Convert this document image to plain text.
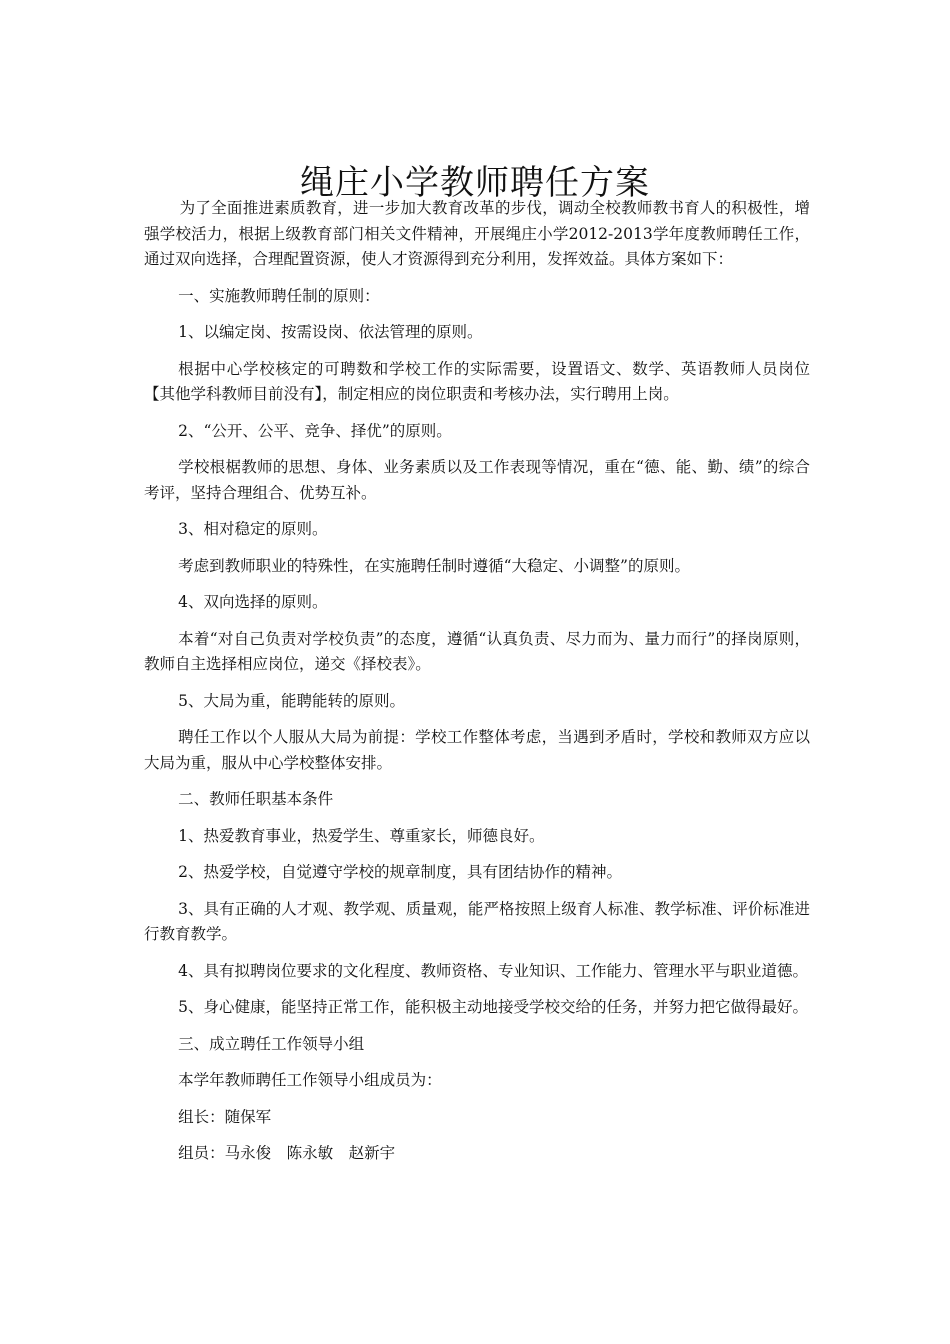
绳庄小学教师聘任方案

为了全面推进素质教育，进一步加大教育改革的步伐，调动全校教师教书育人的积极性，增强学校活力，根据上级教育部门相关文件精神，开展绳庄小学2012-2013学年度教师聘任工作，通过双向选择，合理配置资源，使人才资源得到充分利用，发挥效益。具体方案如下：

一、实施教师聘任制的原则：

1、以编定岗、按需设岗、依法管理的原则。

根据中心学校核定的可聘数和学校工作的实际需要，设置语文、数学、英语教师人员岗位【其他学科教师目前没有】，制定相应的岗位职责和考核办法，实行聘用上岗。

2、“公开、公平、竞争、择优”的原则。

学校根椐教师的思想、身体、业务素质以及工作表现等情况，重在“德、能、勤、绩”的综合考评，坚持合理组合、优势互补。

3、相对稳定的原则。

考虑到教师职业的特殊性，在实施聘任制时遵循“大稳定、小调整”的原则。

4、双向选择的原则。

本着“对自己负责对学校负责”的态度，遵循“认真负责、尽力而为、量力而行”的择岗原则，教师自主选择相应岗位，递交《择校表》。

5、大局为重，能聘能转的原则。

聘任工作以个人服从大局为前提：学校工作整体考虑，当遇到矛盾时，学校和教师双方应以大局为重，服从中心学校整体安排。

二、教师任职基本条件

1、热爱教育事业，热爱学生、尊重家长，师德良好。

2、热爱学校，自觉遵守学校的规章制度，具有团结协作的精神。

3、具有正确的人才观、教学观、质量观，能严格按照上级育人标准、教学标准、评价标准进行教育教学。

4、具有拟聘岗位要求的文化程度、教师资格、专业知识、工作能力、管理水平与职业道德。

5、身心健康，能坚持正常工作，能积极主动地接受学校交给的任务，并努力把它做得最好。

三、成立聘任工作领导小组

本学年教师聘任工作领导小组成员为：

组长：随保军

组员：马永俊　陈永敏　赵新宇
